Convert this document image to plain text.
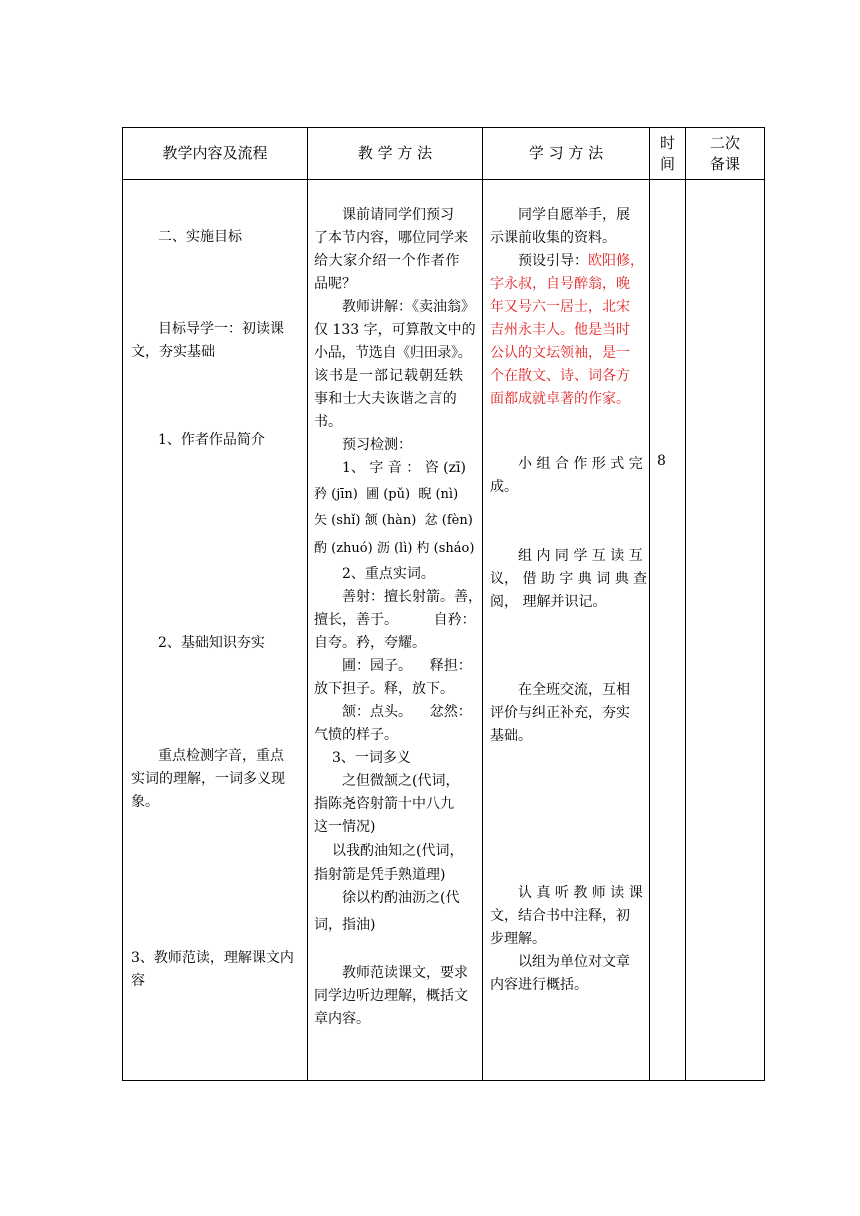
教学内容及流程	教 学 方 法	学 习 方 法
时
间
二次
备课
二、实施目标
目标导学一：初读课
文，夯实基础
1、作者作品简介
2、基础知识夯实
重点检测字音，重点
实词的理解，一词多义现
象。
3、教师范读，理解课文内
容
课前请同学们预习
了本节内容，哪位同学来
给大家介绍一个作者作
品呢？
教师讲解：《卖油翁》
仅 133 字，可算散文中的
小品，节选自《归田录》。
该书是一部记载朝廷轶
事和士大夫诙谐之言的
书。
预习检测：
1、 字 音 ： 咨 (zī)
矜 (jīn)  圃 (pǔ)  睨 (nì)
矢 (shǐ) 颔 (hàn)  忿 (fèn)
酌 (zhuó) 沥 (lì) 杓 (sháo)
2、重点实词。
善射：擅长射箭。善，
擅长，善于。        自矜：
自夸。矜，夸耀。
圃：园子。    释担：
放下担子。释，放下。
颔：点头。    忿然：
气愤的样子。
3、一词多义
之但微颔之(代词，
指陈尧咨射箭十中八九
这一情况)
以我酌油知之(代词，
指射箭是凭手熟道理)
徐以杓酌油沥之(代
词，指油)
教师范读课文，要求
同学边听边理解，概括文
章内容。
同学自愿举手，展
示课前收集的资料。
预设引导：欧阳修，
字永叔，自号醉翁，晚
年又号六一居士，北宋
吉州永丰人。他是当时
公认的文坛领袖，是一
个在散文、诗、词各方
面都成就卓著的作家。
小 组 合 作 形 式 完
成。
组 内 同 学 互 读 互
议， 借 助 字 典 词 典 查
阅， 理解并识记。
在全班交流，互相
评价与纠正补充，夯实
基础。
认 真 听 教 师 读 课
文，结合书中注释，初
步理解。
以组为单位对文章
内容进行概括。
8
